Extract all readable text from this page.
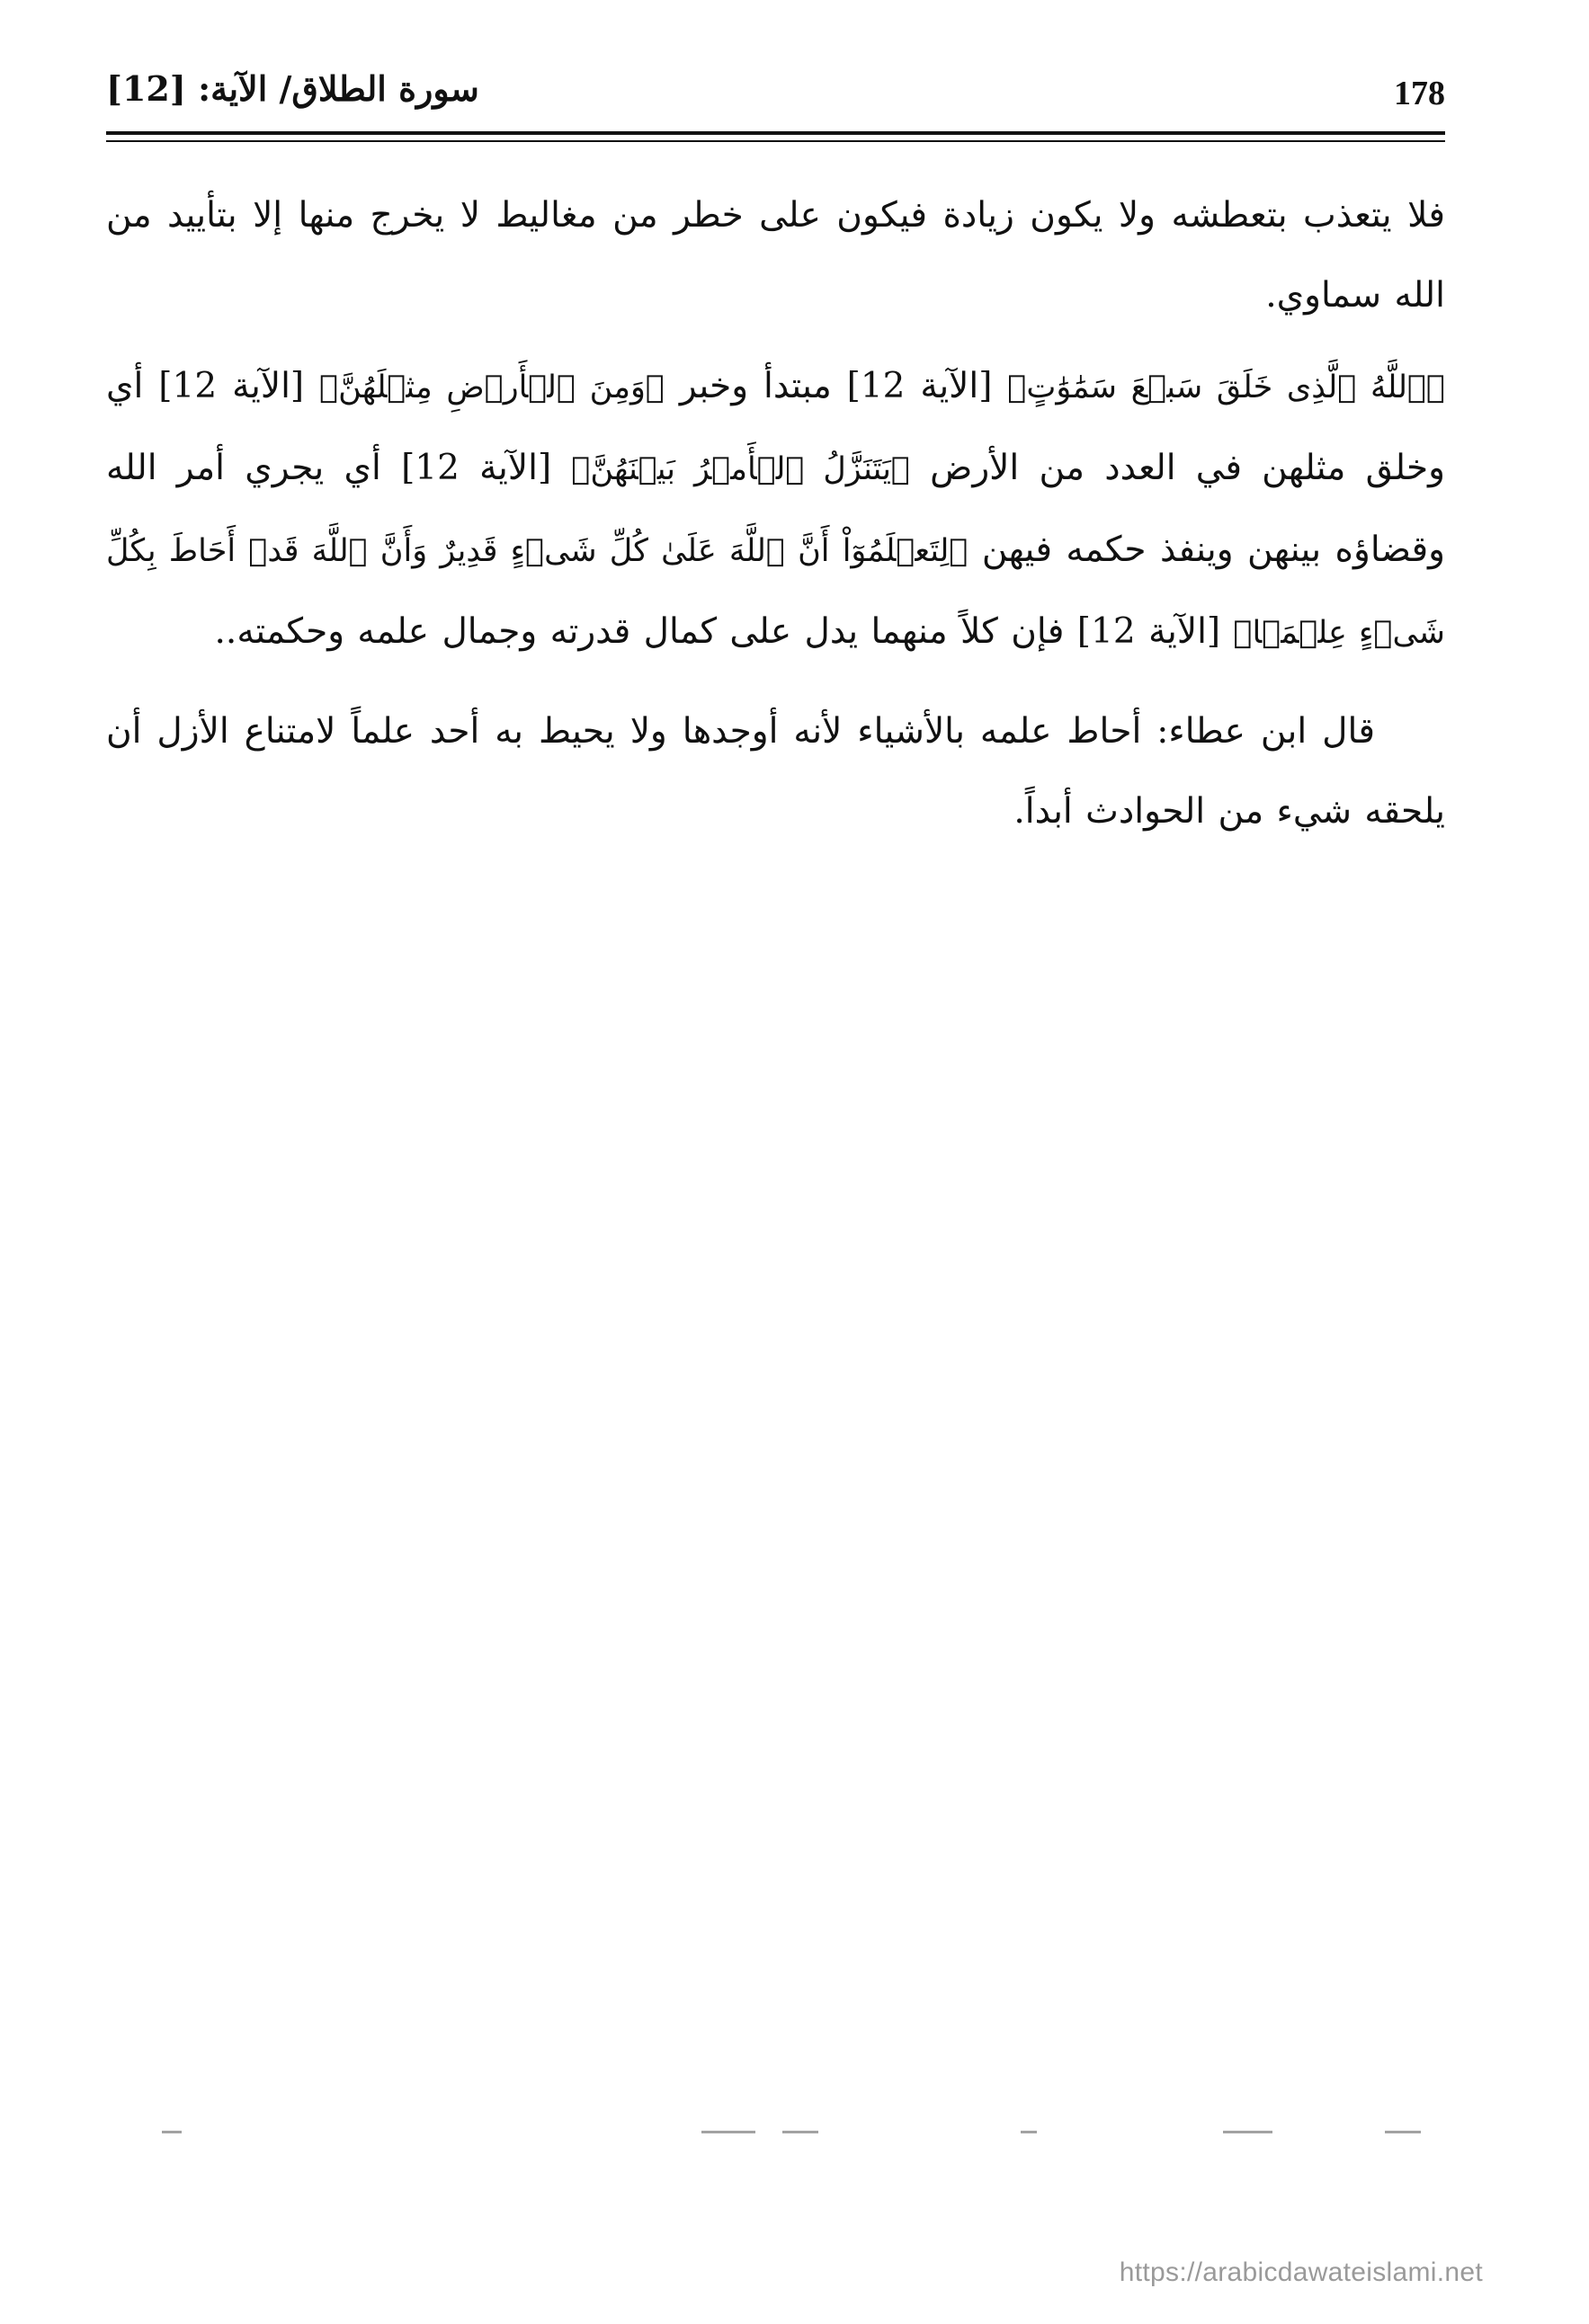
178
سورة الطلاق/ الآية: [12]

فلا يتعذب بتعطشه ولا يكون زيادة فيكون على خطر من مغاليط لا يخرج منها إلا بتأييد من الله سماوي.

﴿ٱللَّهُ ٱلَّذِى خَلَقَ سَبۡعَ سَمَٰوَٰتٍ﴾ [الآية 12] مبتدأ وخبر ﴿وَمِنَ ٱلۡأَرۡضِ مِثۡلَهُنَّ﴾ [الآية 12] أي وخلق مثلهن في العدد من الأرض ﴿يَتَنَزَّلُ ٱلۡأَمۡرُ بَيۡنَهُنَّ﴾ [الآية 12] أي يجري أمر الله وقضاؤه بينهن وينفذ حكمه فيهن ﴿لِتَعۡلَمُوٓاْ أَنَّ ٱللَّهَ عَلَىٰ كُلِّ شَىۡءٍ قَدِيرٌ وَأَنَّ ٱللَّهَ قَدۡ أَحَاطَ بِكُلِّ شَىۡءٍ عِلۡمَۢا﴾ [الآية 12] فإن كلاً منهما يدل على كمال قدرته وجمال علمه وحكمته..

قال ابن عطاء: أحاط علمه بالأشياء لأنه أوجدها ولا يحيط به أحد علماً لامتناع الأزل أن يلحقه شيء من الحوادث أبداً.

https://arabicdawateislami.net
